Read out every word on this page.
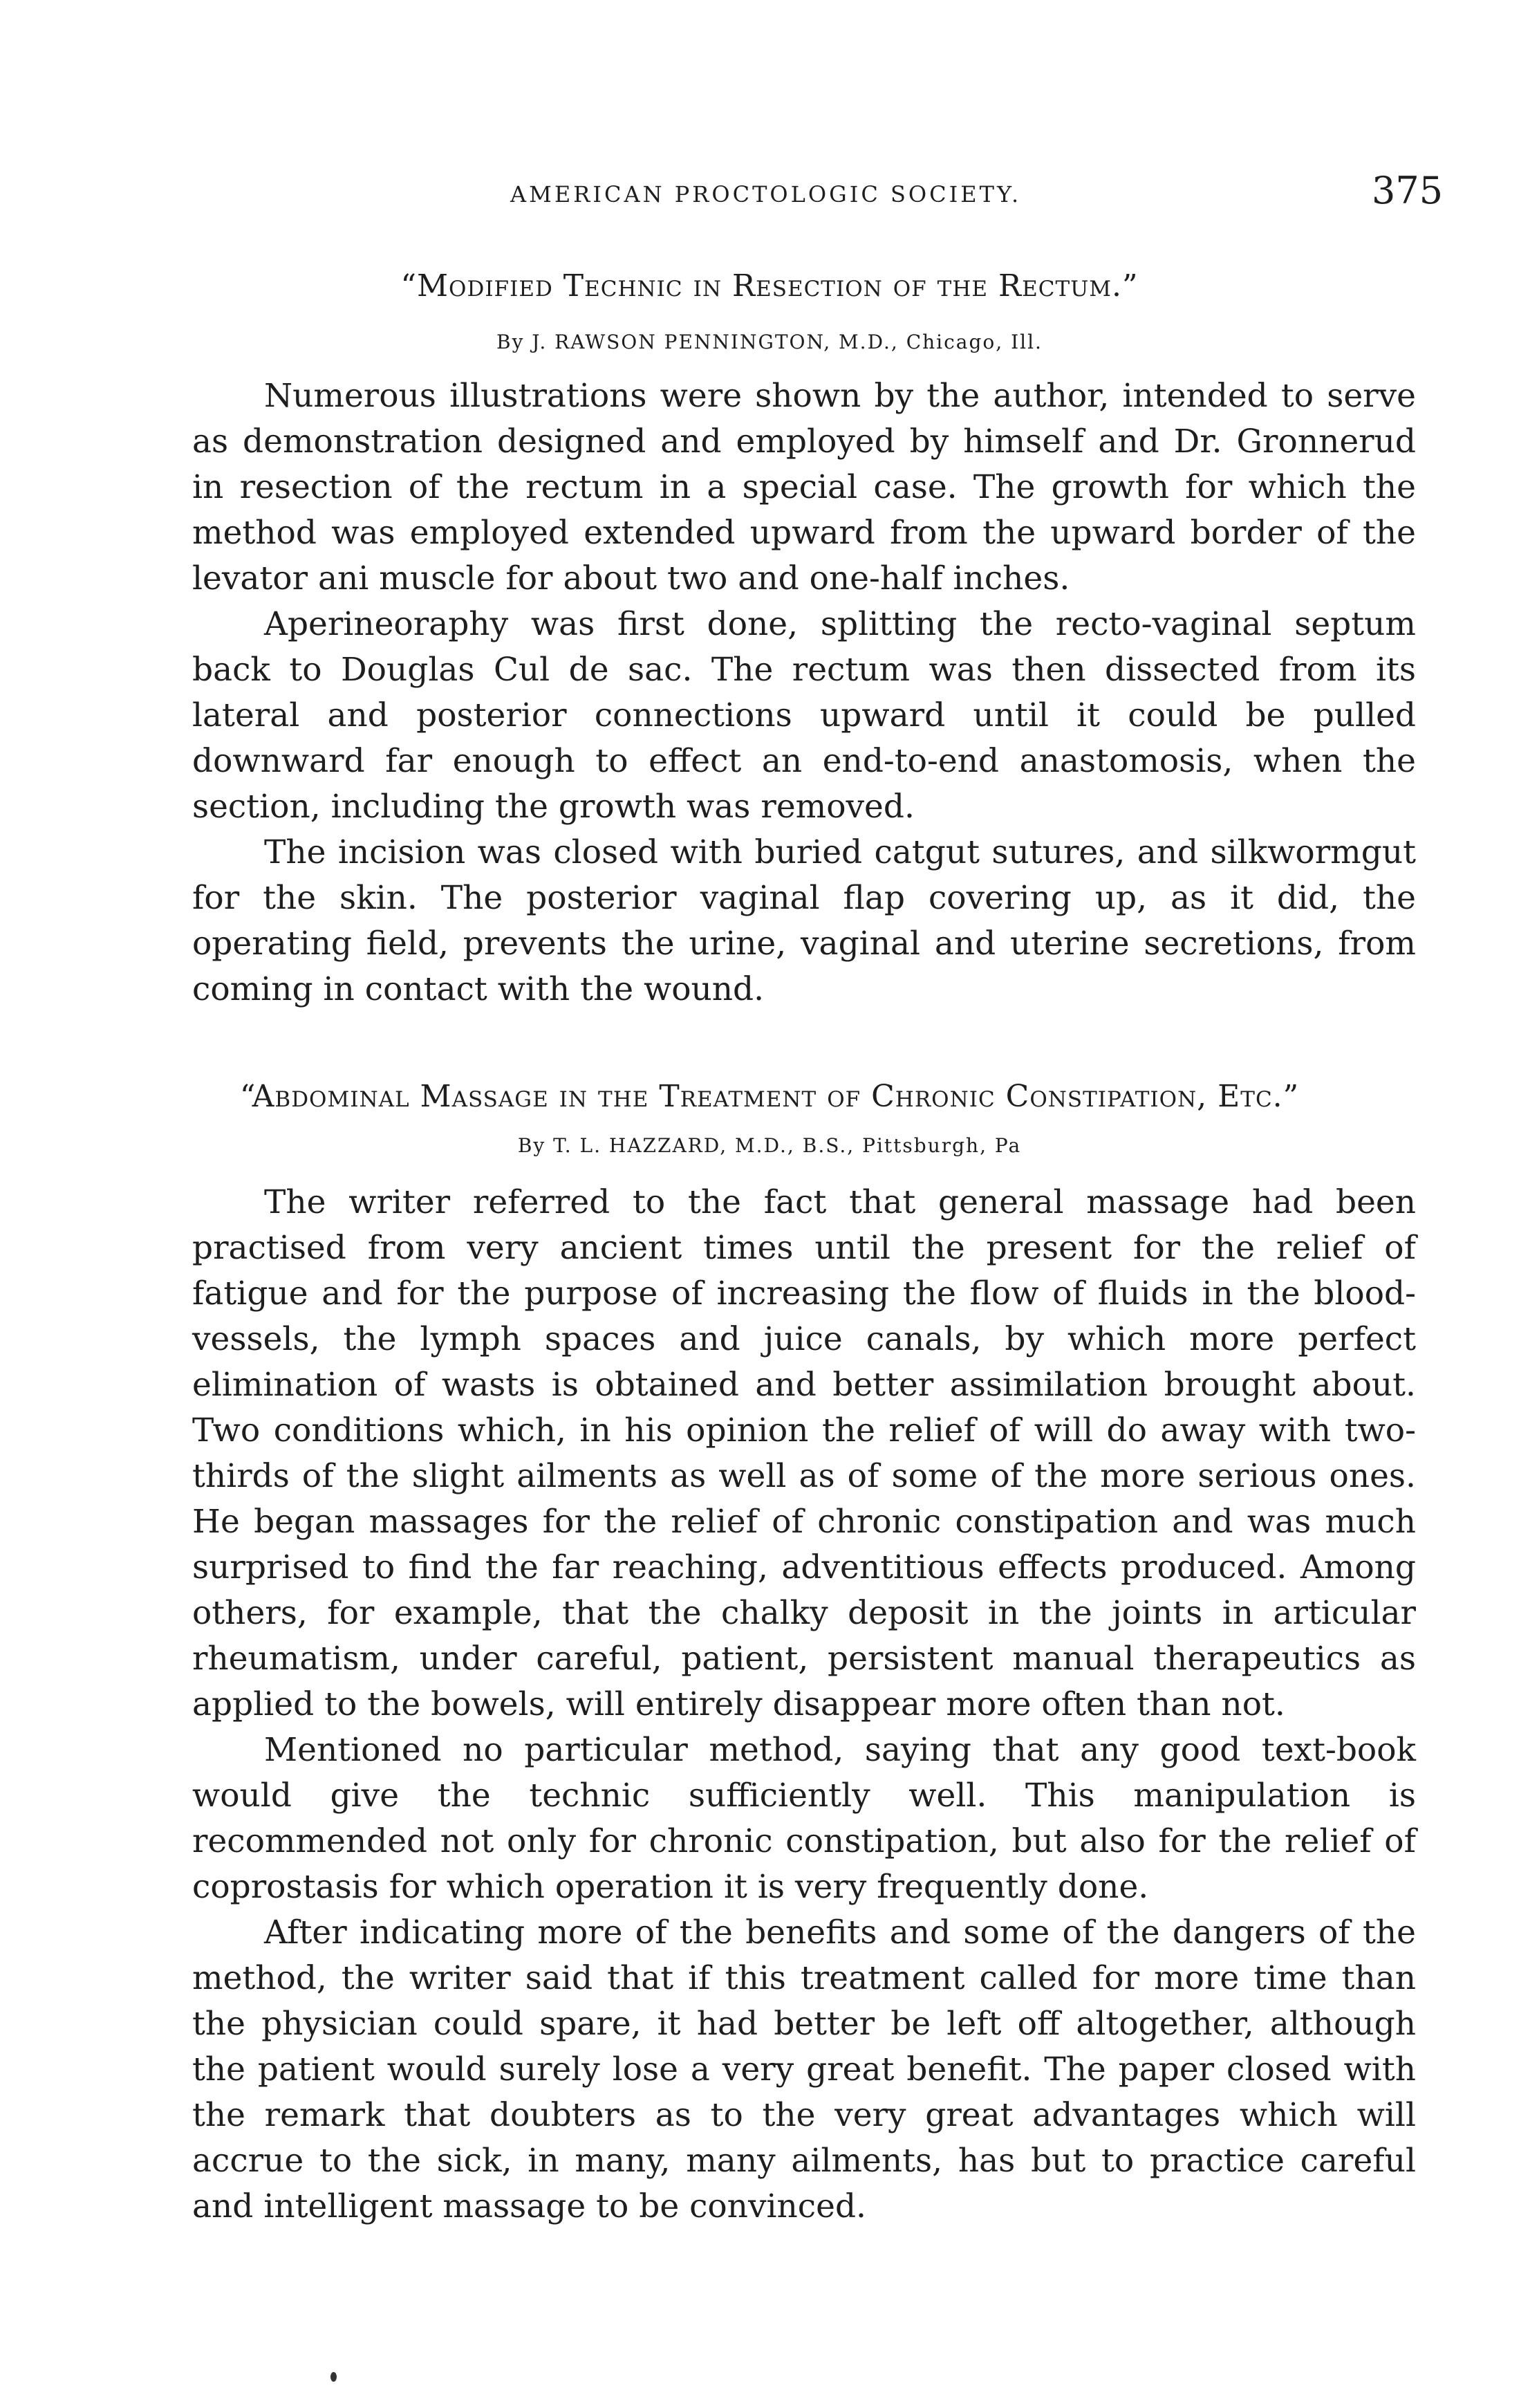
AMERICAN PROCTOLOGIC SOCIETY.	375
“Modified Technic in Resection of the Rectum.”
By J. RAWSON PENNINGTON, M.D., Chicago, Ill.

Numerous illustrations were shown by the author, intended to serve as demonstration designed and employed by himself and Dr. Gronnerud in resection of the rectum in a special case. The growth for which the method was employed extended upward from the upward border of the levator ani muscle for about two and one-half inches.

Aperineoraphy was first done, splitting the recto-vaginal septum back to Douglas Cul de sac. The rectum was then dissected from its lateral and posterior connections upward until it could be pulled downward far enough to effect an end-to-end anastomosis, when the section, including the growth was removed.

The incision was closed with buried catgut sutures, and silkwormgut for the skin. The posterior vaginal flap covering up, as it did, the operating field, prevents the urine, vaginal and uterine secretions, from coming in contact with the wound.

“Abdominal Massage in the Treatment of Chronic Constipation, Etc.”
By T. L. HAZZARD, M.D., B.S., Pittsburgh, Pa

The writer referred to the fact that general massage had been practised from very ancient times until the present for the relief of fatigue and for the purpose of increasing the flow of fluids in the blood-vessels, the lymph spaces and juice canals, by which more perfect elimination of wasts is obtained and better assimilation brought about. Two conditions which, in his opinion the relief of will do away with two-thirds of the slight ailments as well as of some of the more serious ones. He began massages for the relief of chronic constipation and was much surprised to find the far reaching, adventitious effects produced. Among others, for example, that the chalky deposit in the joints in articular rheumatism, under careful, patient, persistent manual therapeutics as applied to the bowels, will entirely disappear more often than not.

Mentioned no particular method, saying that any good text-book would give the technic sufficiently well. This manipulation is recommended not only for chronic constipation, but also for the relief of coprostasis for which operation it is very frequently done.

After indicating more of the benefits and some of the dangers of the method, the writer said that if this treatment called for more time than the physician could spare, it had better be left off altogether, although the patient would surely lose a very great benefit. The paper closed with the remark that doubters as to the very great advantages which will accrue to the sick, in many, many ailments, has but to practice careful and intelligent massage to be convinced.
